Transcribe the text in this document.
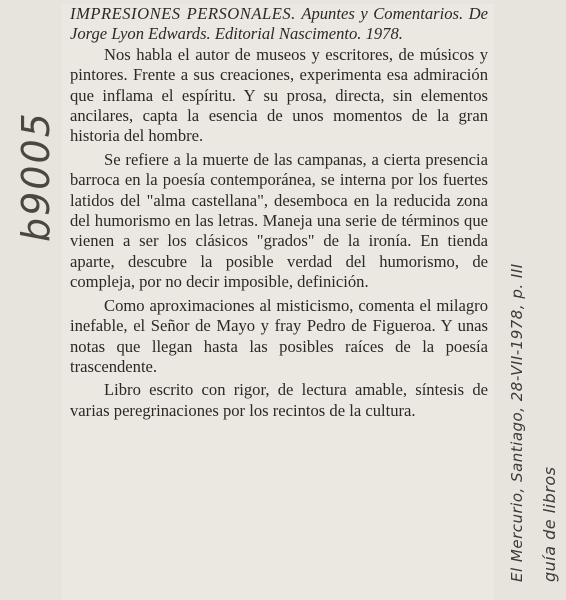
IMPRESIONES PERSONALES. Apuntes y Comentarios. De Jorge Lyon Edwards. Editorial Nascimento. 1978.

Nos habla el autor de museos y escritores, de músicos y pintores. Frente a sus creaciones, experimenta esa admiración que inflama el espíritu. Y su prosa, directa, sin elementos ancilares, capta la esencia de unos momentos de la gran historia del hombre.

Se refiere a la muerte de las campanas, a cierta presencia barroca en la poesía contemporánea, se interna por los fuertes latidos del "alma castellana", desemboca en la reducida zona del humorismo en las letras. Maneja una serie de términos que vienen a ser los clásicos "grados" de la ironía. En tienda aparte, descubre la posible verdad del humorismo, de compleja, por no decir imposible, definición.

Como aproximaciones al misticismo, comenta el milagro inefable, el Señor de Mayo y fray Pedro de Figueroa. Y unas notas que llegan hasta las posibles raíces de la poesía trascendente.

Libro escrito con rigor, de lectura amable, síntesis de varias peregrinaciones por los recintos de la cultura.

b9005
El Mercurio, Santiago, 28-VII-1978, p. III guía de libros
